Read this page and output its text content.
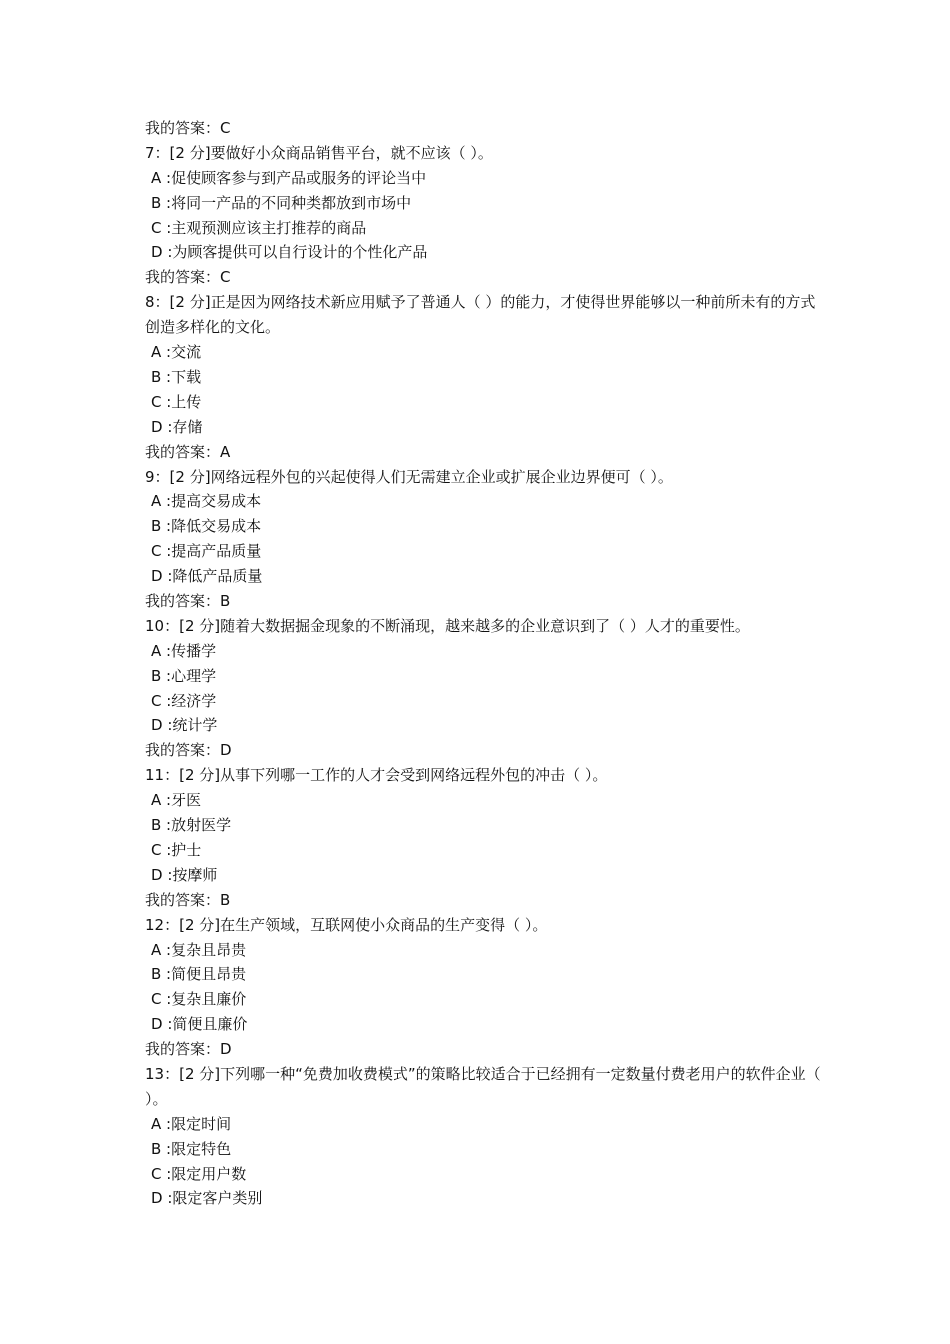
我的答案：C
7：[2 分]要做好小众商品销售平台，就不应该（ ）。
A :促使顾客参与到产品或服务的评论当中
B :将同一产品的不同种类都放到市场中
C :主观预测应该主打推荐的商品
D :为顾客提供可以自行设计的个性化产品
我的答案：C
8：[2 分]正是因为网络技术新应用赋予了普通人（ ）的能力，才使得世界能够以一种前所未有的方式创造多样化的文化。
A :交流
B :下载
C :上传
D :存储
我的答案：A
9：[2 分]网络远程外包的兴起使得人们无需建立企业或扩展企业边界便可（ ）。
A :提高交易成本
B :降低交易成本
C :提高产品质量
D :降低产品质量
我的答案：B
10：[2 分]随着大数据掘金现象的不断涌现，越来越多的企业意识到了（ ）人才的重要性。
A :传播学
B :心理学
C :经济学
D :统计学
我的答案：D
11：[2 分]从事下列哪一工作的人才会受到网络远程外包的冲击（ ）。
A :牙医
B :放射医学
C :护士
D :按摩师
我的答案：B
12：[2 分]在生产领域，互联网使小众商品的生产变得（ ）。
A :复杂且昂贵
B :简便且昂贵
C :复杂且廉价
D :简便且廉价
我的答案：D
13：[2 分]下列哪一种“免费加收费模式”的策略比较适合于已经拥有一定数量付费老用户的软件企业（ ）。
A :限定时间
B :限定特色
C :限定用户数
D :限定客户类别
